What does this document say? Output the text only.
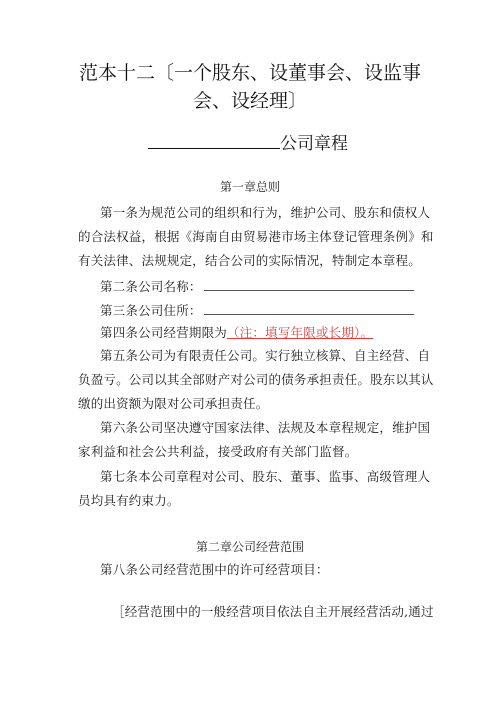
范本十二〔一个股东、设董事会、设监事
会、设经理〕
公司章程
第一章总则
第一条为规范公司的组织和行为，维护公司、股东和债权人
的合法权益，根据《海南自由贸易港市场主体登记管理条例》和
有关法律、法规规定，结合公司的实际情况，特制定本章程。
第二条公司名称：
第三条公司住所：
第四条公司经营期限为（注：填写年限或长期）。
第五条公司为有限责任公司。实行独立核算、自主经营、自
负盈亏。公司以其全部财产对公司的债务承担责任。股东以其认
缴的出资额为限对公司承担责任。
第六条公司坚决遵守国家法律、法规及本章程规定，维护国
家利益和社会公共利益，接受政府有关部门监督。
第七条本公司章程对公司、股东、董事、监事、高级管理人
员均具有约束力。
第二章公司经营范围
第八条公司经营范围中的许可经营项目：
［经营范围中的一般经营项目依法自主开展经营活动,通过
